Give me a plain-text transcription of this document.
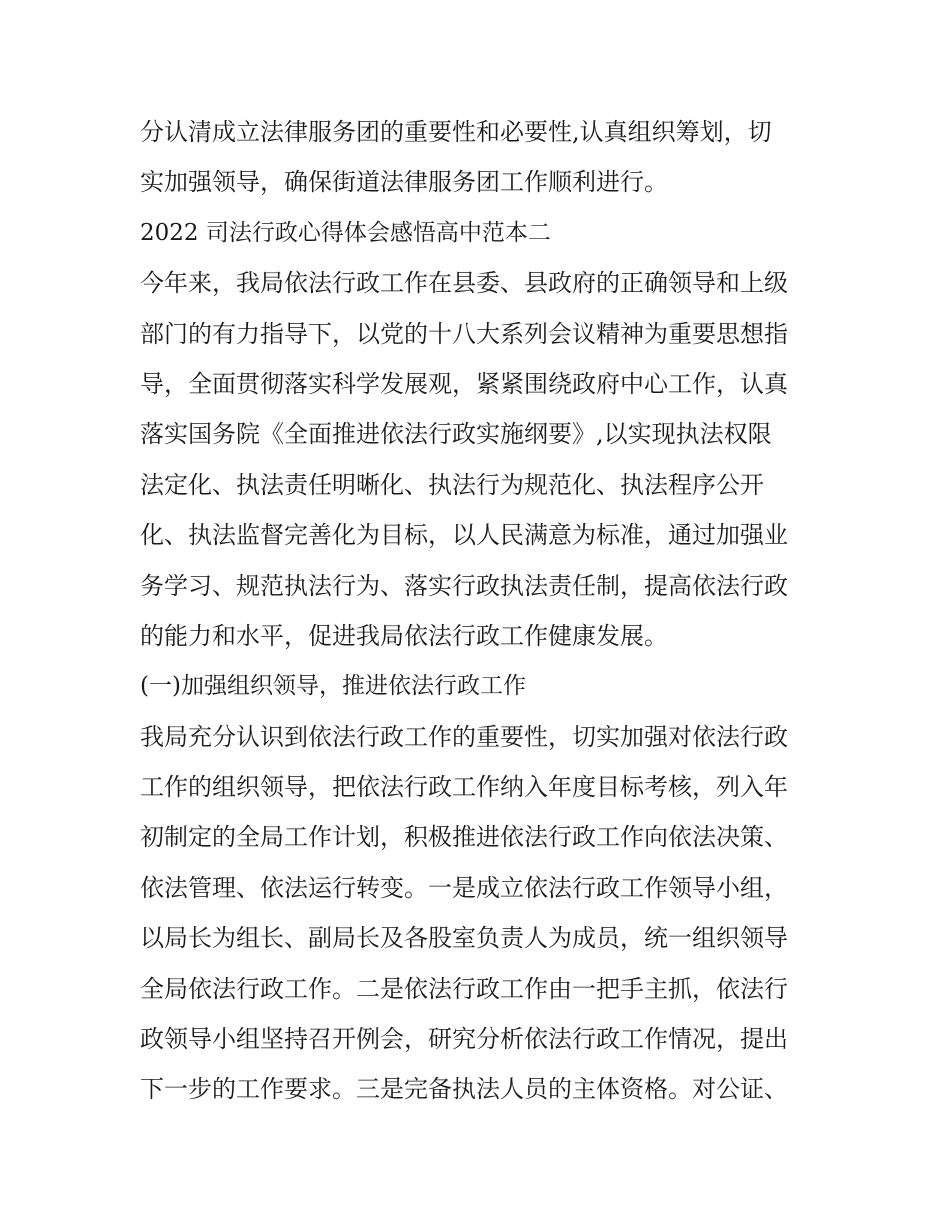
分认清成立法律服务团的重要性和必要性,认真组织筹划，切
实加强领导，确保街道法律服务团工作顺利进行。
2022 司法行政心得体会感悟高中范本二
今年来，我局依法行政工作在县委、县政府的正确领导和上级
部门的有力指导下，以党的十八大系列会议精神为重要思想指
导，全面贯彻落实科学发展观，紧紧围绕政府中心工作，认真
落实国务院《全面推进依法行政实施纲要》,以实现执法权限
法定化、执法责任明晰化、执法行为规范化、执法程序公开
化、执法监督完善化为目标，以人民满意为标准，通过加强业
务学习、规范执法行为、落实行政执法责任制，提高依法行政
的能力和水平，促进我局依法行政工作健康发展。
(一)加强组织领导，推进依法行政工作
我局充分认识到依法行政工作的重要性，切实加强对依法行政
工作的组织领导，把依法行政工作纳入年度目标考核，列入年
初制定的全局工作计划，积极推进依法行政工作向依法决策、
依法管理、依法运行转变。一是成立依法行政工作领导小组，
以局长为组长、副局长及各股室负责人为成员，统一组织领导
全局依法行政工作。二是依法行政工作由一把手主抓，依法行
政领导小组坚持召开例会，研究分析依法行政工作情况，提出
下一步的工作要求。三是完备执法人员的主体资格。对公证、
